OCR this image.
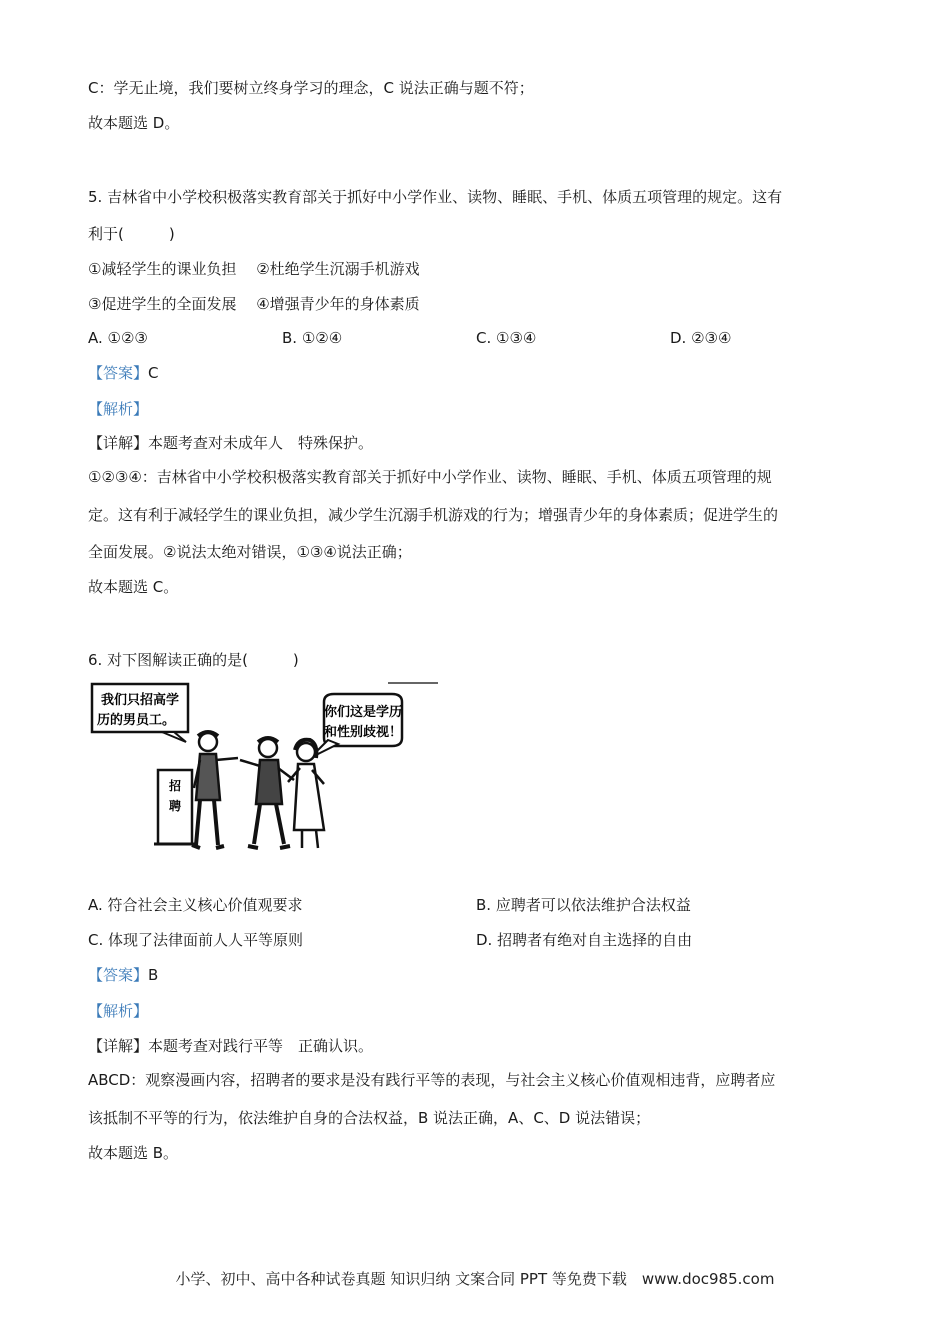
C：学无止境，我们要树立终身学习的理念，C 说法正确与题不符；
故本题选 D。
5. 吉林省中小学校积极落实教育部关于抓好中小学作业、读物、睡眠、手机、体质五项管理的规定。这有
利于(　　　)
①减轻学生的课业负担　 ②杜绝学生沉溺手机游戏
③促进学生的全面发展　 ④增强青少年的身体素质
A. ①②③	B. ①②④	C. ①③④	D. ②③④
【答案】C
【解析】
【详解】本题考查对未成年人　特殊保护。
①②③④：吉林省中小学校积极落实教育部关于抓好中小学作业、读物、睡眠、手机、体质五项管理的规
定。这有利于减轻学生的课业负担，减少学生沉溺手机游戏的行为；增强青少年的身体素质；促进学生的
全面发展。②说法太绝对错误，①③④说法正确；
故本题选 C。
6. 对下图解读正确的是(　　　)
我们只招高学
历的男员工。
你们这是学历
和性别歧视！
招
聘
A. 符合社会主义核心价值观要求	B. 应聘者可以依法维护合法权益
C. 体现了法律面前人人平等原则	D. 招聘者有绝对自主选择的自由
【答案】B
【解析】
【详解】本题考查对践行平等　正确认识。
ABCD：观察漫画内容，招聘者的要求是没有践行平等的表现，与社会主义核心价值观相违背，应聘者应
该抵制不平等的行为，依法维护自身的合法权益，B 说法正确，A、C、D 说法错误；
故本题选 B。
小学、初中、高中各种试卷真题 知识归纳 文案合同 PPT 等免费下载　www.doc985.com
